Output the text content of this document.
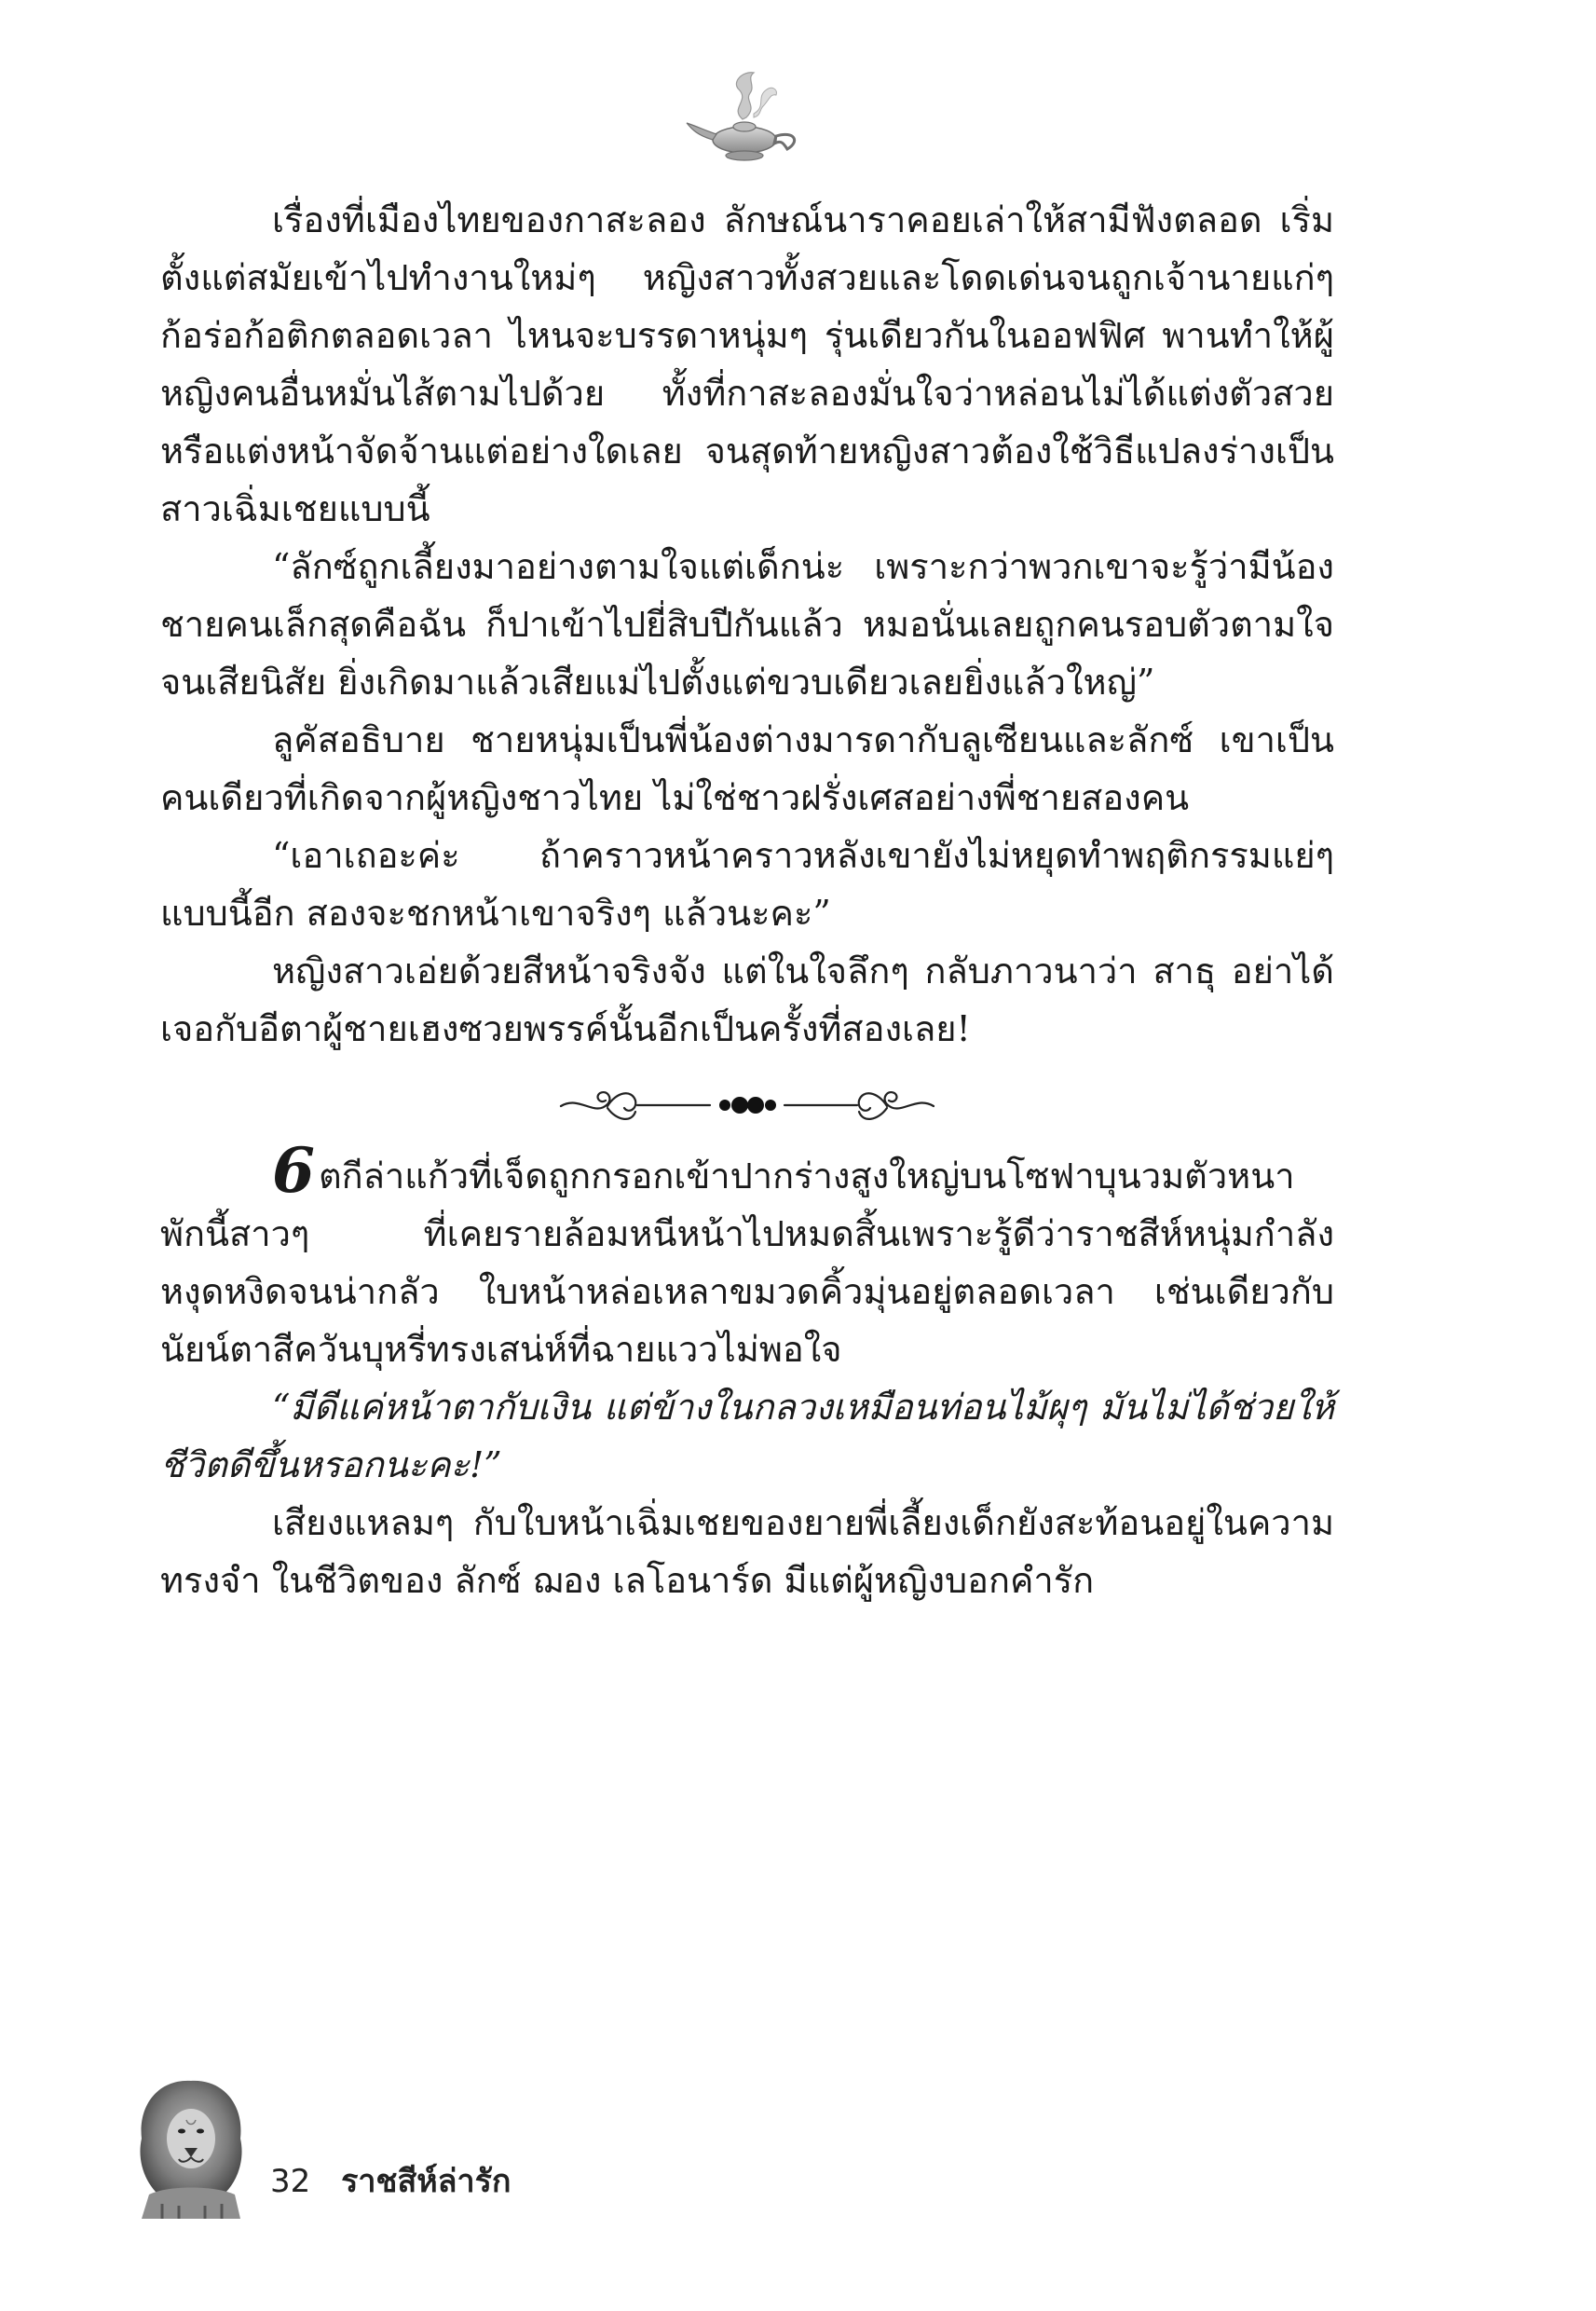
เรื่องที่เมืองไทยของกาสะลอง ลักษณ์นาราคอยเล่าให้สามีฟังตลอด เริ่มตั้งแต่สมัยเข้าไปทำงานใหม่ๆ หญิงสาวทั้งสวยและโดดเด่นจนถูกเจ้านายแก่ๆ ก้อร่อก้อติกตลอดเวลา ไหนจะบรรดาหนุ่มๆ รุ่นเดียวกันในออฟฟิศ พานทำให้ผู้หญิงคนอื่นหมั่นไส้ตามไปด้วย ทั้งที่กาสะลองมั่นใจว่าหล่อนไม่ได้แต่งตัวสวยหรือแต่งหน้าจัดจ้านแต่อย่างใดเลย จนสุดท้ายหญิงสาวต้องใช้วิธีแปลงร่างเป็นสาวเฉิ่มเชยแบบนี้

“ลักซ์ถูกเลี้ยงมาอย่างตามใจแต่เด็กน่ะ เพราะกว่าพวกเขาจะรู้ว่ามีน้องชายคนเล็กสุดคือฉัน ก็ปาเข้าไปยี่สิบปีกันแล้ว หมอนั่นเลยถูกคนรอบตัวตามใจจนเสียนิสัย ยิ่งเกิดมาแล้วเสียแม่ไปตั้งแต่ขวบเดียวเลยยิ่งแล้วใหญ่”

ลูคัสอธิบาย ชายหนุ่มเป็นพี่น้องต่างมารดากับลูเซียนและลักซ์ เขาเป็นคนเดียวที่เกิดจากผู้หญิงชาวไทย ไม่ใช่ชาวฝรั่งเศสอย่างพี่ชายสองคน

“เอาเถอะค่ะ ถ้าคราวหน้าคราวหลังเขายังไม่หยุดทำพฤติกรรมแย่ๆ แบบนี้อีก สองจะชกหน้าเขาจริงๆ แล้วนะคะ”

หญิงสาวเอ่ยด้วยสีหน้าจริงจัง แต่ในใจลึกๆ กลับภาวนาว่า สาธุ อย่าได้เจอกับอีตาผู้ชายเฮงซวยพรรค์นั้นอีกเป็นครั้งที่สองเลย!

6 ตกีล่าแก้วที่เจ็ดถูกกรอกเข้าปากร่างสูงใหญ่บนโซฟาบุนวมตัวหนา พักนี้สาวๆ ที่เคยรายล้อมหนีหน้าไปหมดสิ้นเพราะรู้ดีว่าราชสีห์หนุ่มกำลังหงุดหงิดจนน่ากลัว ใบหน้าหล่อเหลาขมวดคิ้วมุ่นอยู่ตลอดเวลา เช่นเดียวกับนัยน์ตาสีควันบุหรี่ทรงเสน่ห์ที่ฉายแววไม่พอใจ

“มีดีแค่หน้าตากับเงิน แต่ข้างในกลวงเหมือนท่อนไม้ผุๆ มันไม่ได้ช่วยให้ชีวิตดีขึ้นหรอกนะคะ!”

เสียงแหลมๆ กับใบหน้าเฉิ่มเชยของยายพี่เลี้ยงเด็กยังสะท้อนอยู่ในความทรงจำ ในชีวิตของ ลักซ์ ฌอง เลโอนาร์ด มีแต่ผู้หญิงบอกคำรัก

32 ราชสีห์ล่ารัก
